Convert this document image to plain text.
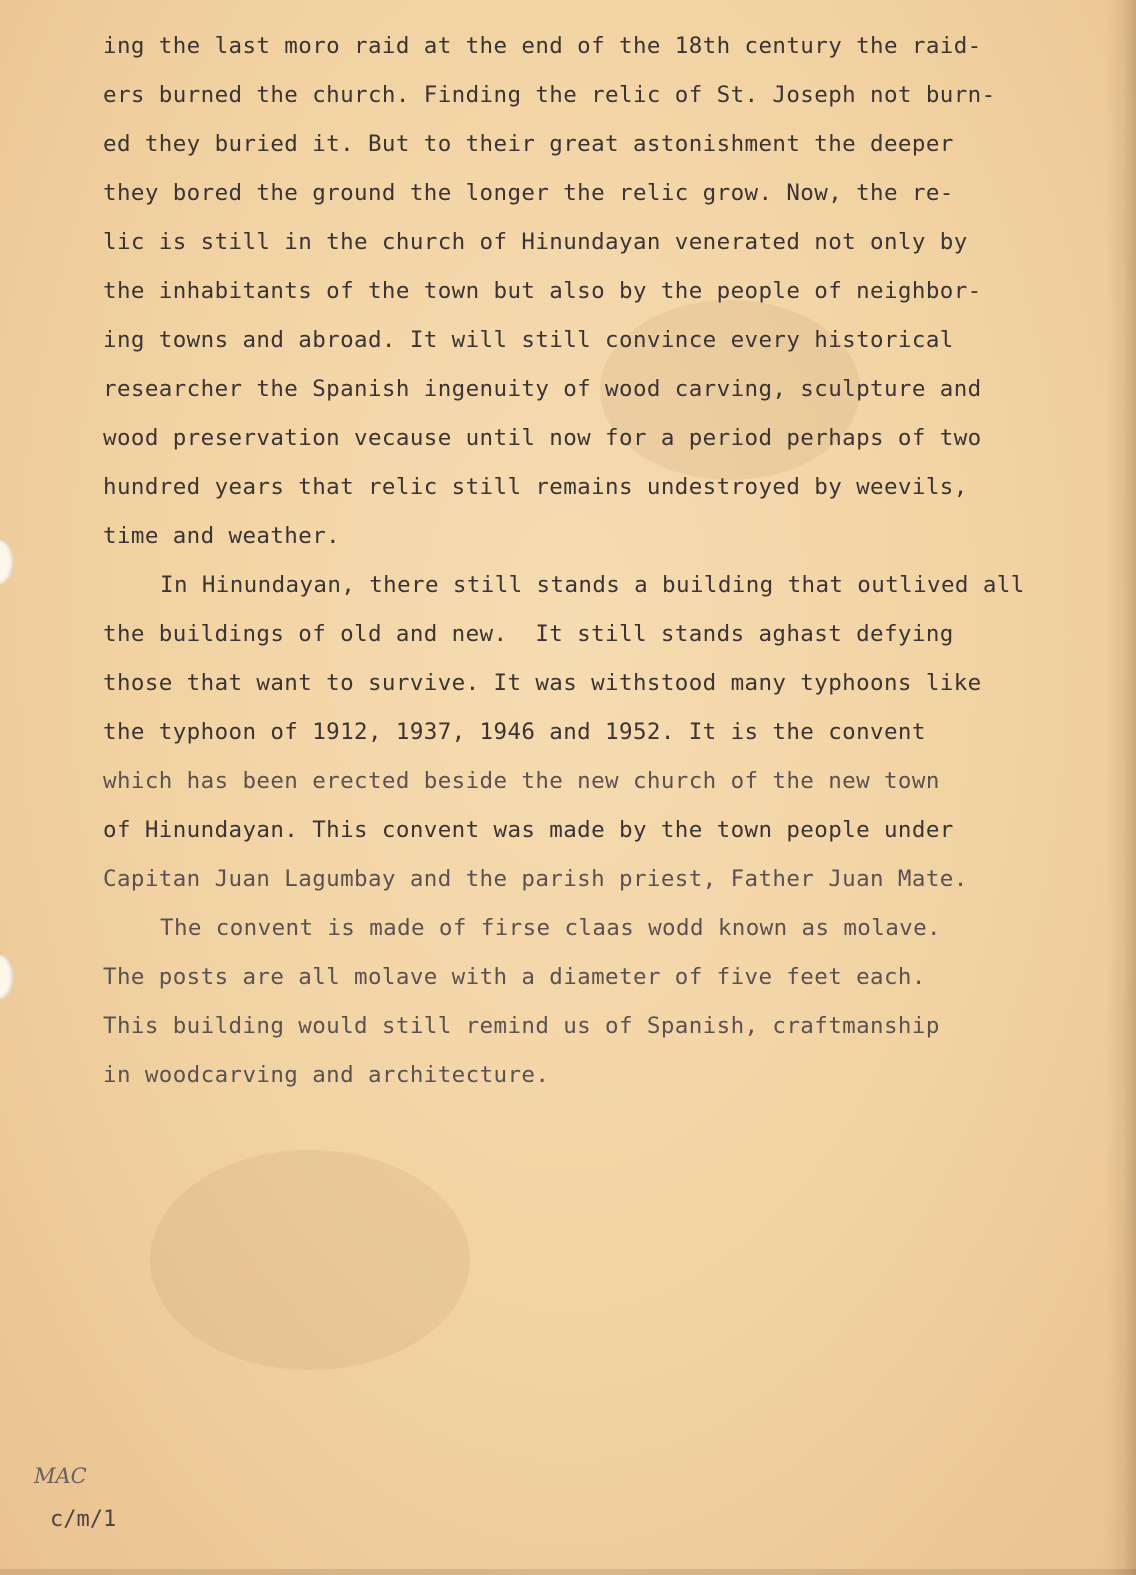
ing the last moro raid at the end of the 18th century the raid-
ers burned the church. Finding the relic of St. Joseph not burn-
ed they buried it. But to their great astonishment the deeper
they bored the ground the longer the relic grow. Now, the re-
lic is still in the church of Hinundayan venerated not only by
the inhabitants of the town but also by the people of neighbor-
ing towns and abroad. It will still convince every historical
researcher the Spanish ingenuity of wood carving, sculpture and
wood preservation vecause until now for a period perhaps of two
hundred years that relic still remains undestroyed by weevils,
time and weather.
In Hinundayan, there still stands a building that outlived all
the buildings of old and new.  It still stands aghast defying
those that want to survive. It was withstood many typhoons like
the typhoon of 1912, 1937, 1946 and 1952. It is the convent
which has been erected beside the new church of the new town
of Hinundayan. This convent was made by the town people under
Capitan Juan Lagumbay and the parish priest, Father Juan Mate.
The convent is made of firse claas wodd known as molave.
The posts are all molave with a diameter of five feet each.
This building would still remind us of Spanish, craftmanship
in woodcarving and architecture.
MAC
c/m/1
